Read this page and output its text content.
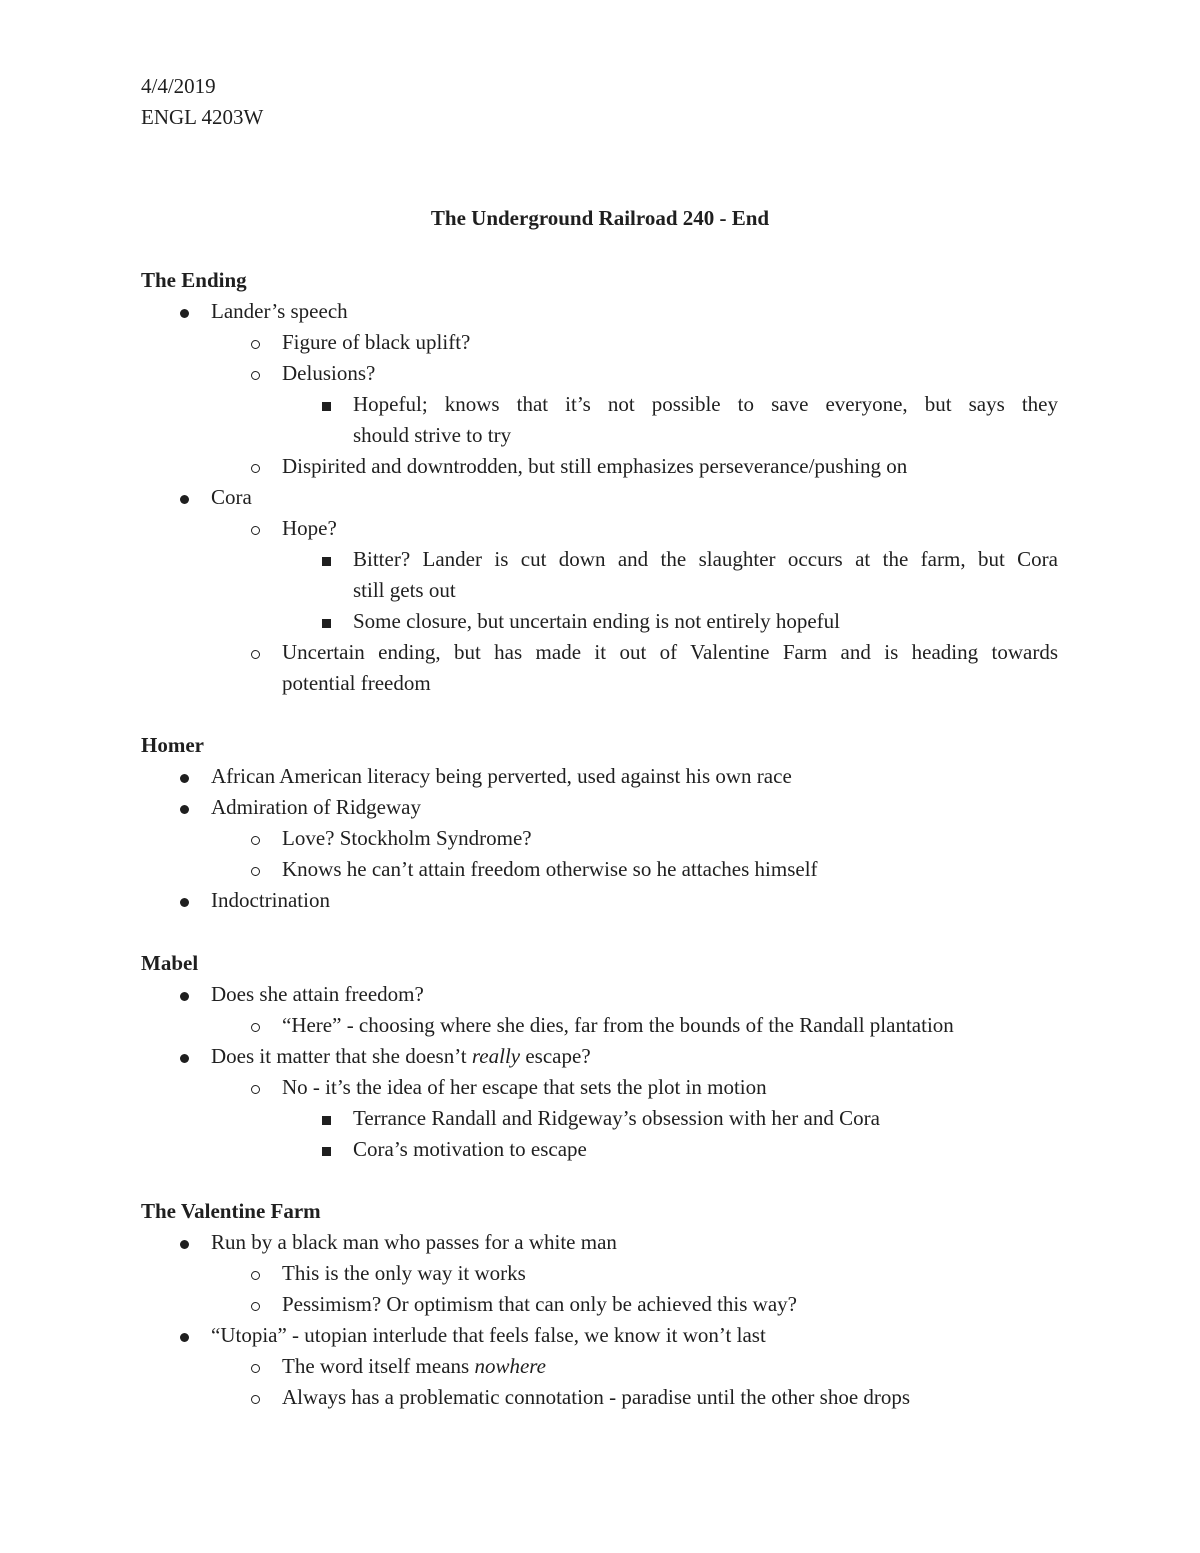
4/4/2019
ENGL 4203W
The Underground Railroad 240 - End
The Ending
Lander’s speech
Figure of black uplift?
Delusions?
Hopeful; knows that it’s not possible to save everyone, but says they
should strive to try
Dispirited and downtrodden, but still emphasizes perseverance/pushing on
Cora
Hope?
Bitter? Lander is cut down and the slaughter occurs at the farm, but Cora
still gets out
Some closure, but uncertain ending is not entirely hopeful
Uncertain ending, but has made it out of Valentine Farm and is heading towards
potential freedom
Homer
African American literacy being perverted, used against his own race
Admiration of Ridgeway
Love? Stockholm Syndrome?
Knows he can’t attain freedom otherwise so he attaches himself
Indoctrination
Mabel
Does she attain freedom?
“Here” - choosing where she dies, far from the bounds of the Randall plantation
Does it matter that she doesn’t really escape?
No - it’s the idea of her escape that sets the plot in motion
Terrance Randall and Ridgeway’s obsession with her and Cora
Cora’s motivation to escape
The Valentine Farm
Run by a black man who passes for a white man
This is the only way it works
Pessimism? Or optimism that can only be achieved this way?
“Utopia” - utopian interlude that feels false, we know it won’t last
The word itself means nowhere
Always has a problematic connotation - paradise until the other shoe drops
